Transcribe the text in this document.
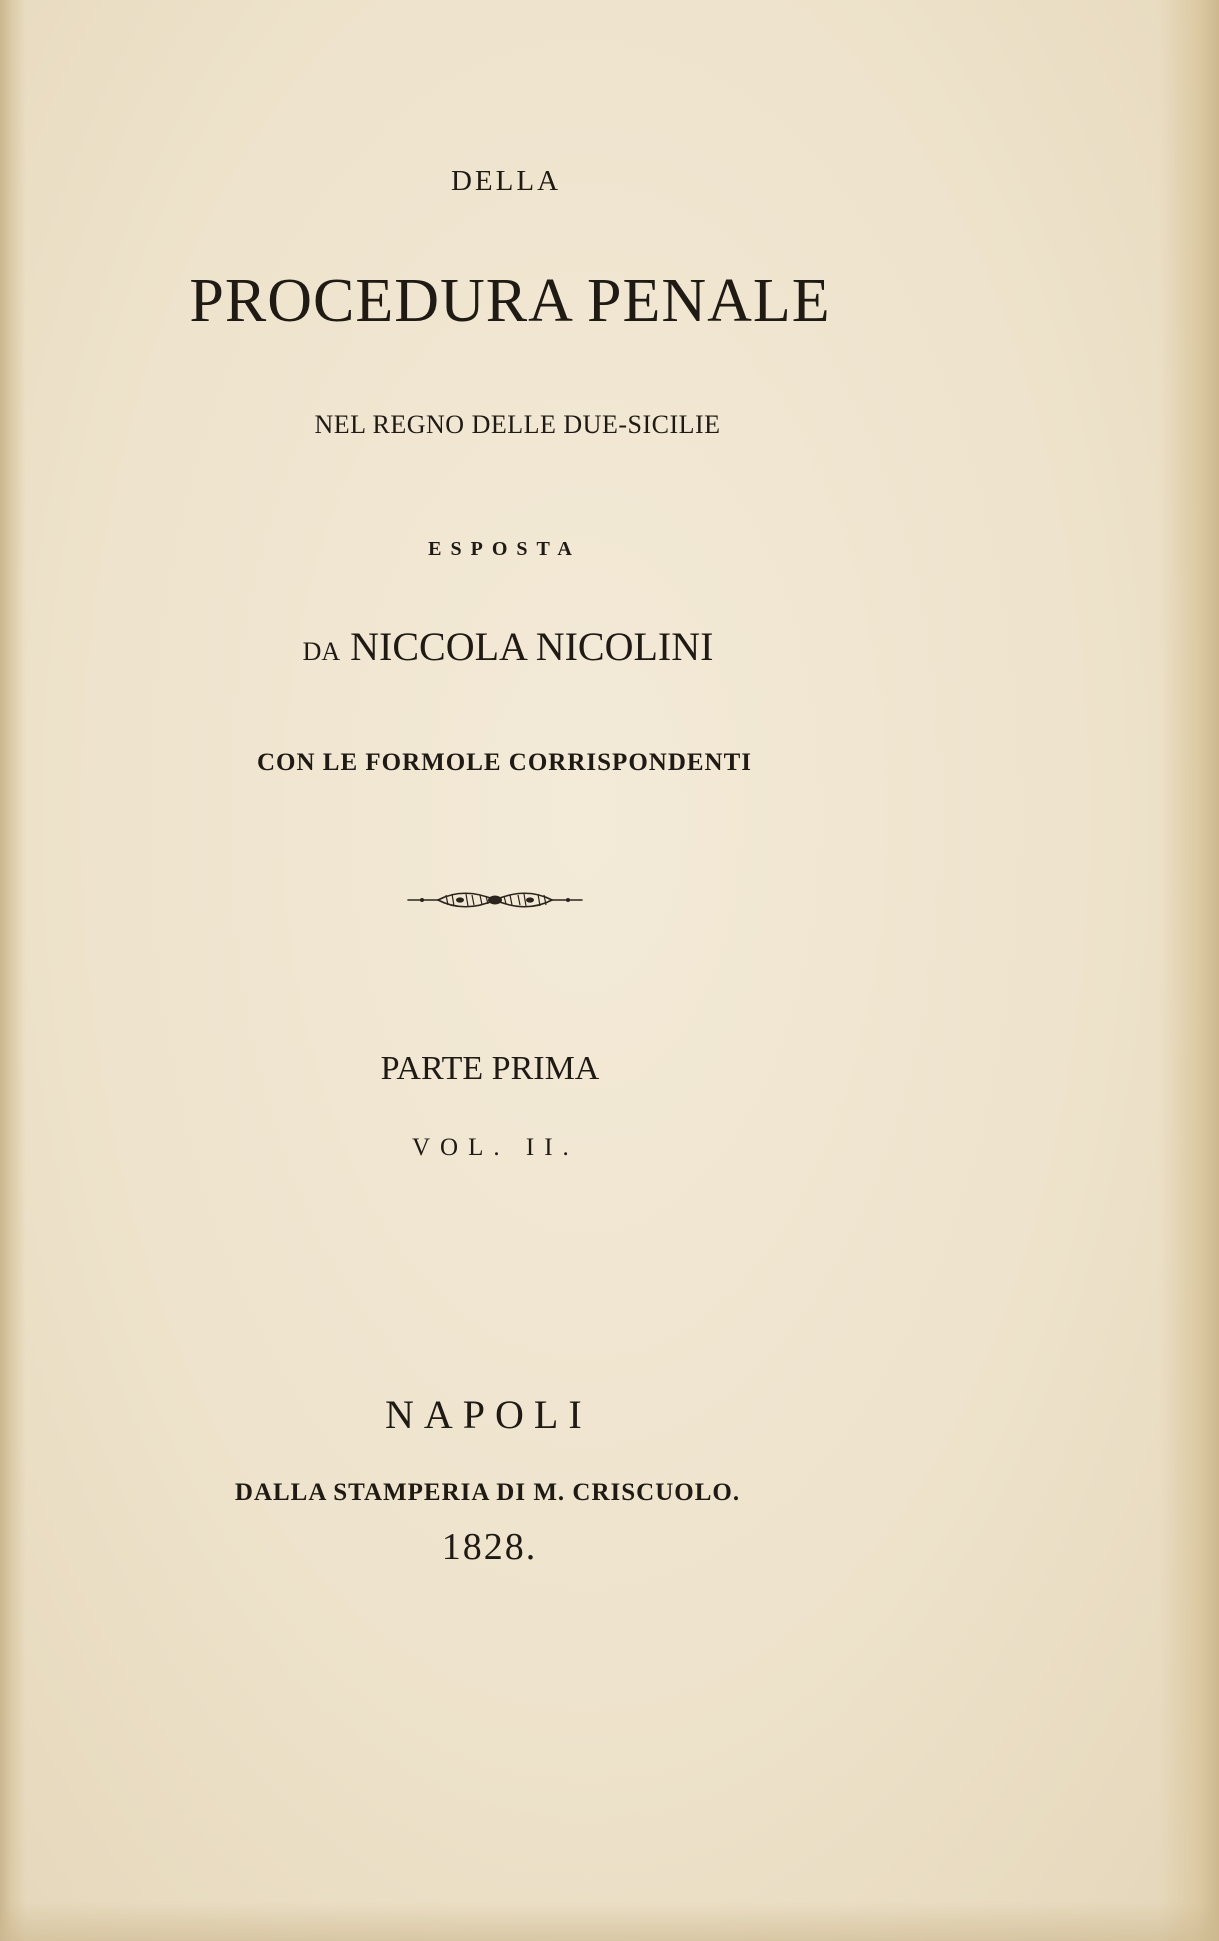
DELLA
PROCEDURA PENALE
NEL REGNO DELLE DUE-SICILIE
ESPOSTA
DA NICCOLA NICOLINI
CON LE FORMOLE CORRISPONDENTI
PARTE PRIMA
VOL. II.
NAPOLI
DALLA STAMPERIA DI M. CRISCUOLO.
1828.
